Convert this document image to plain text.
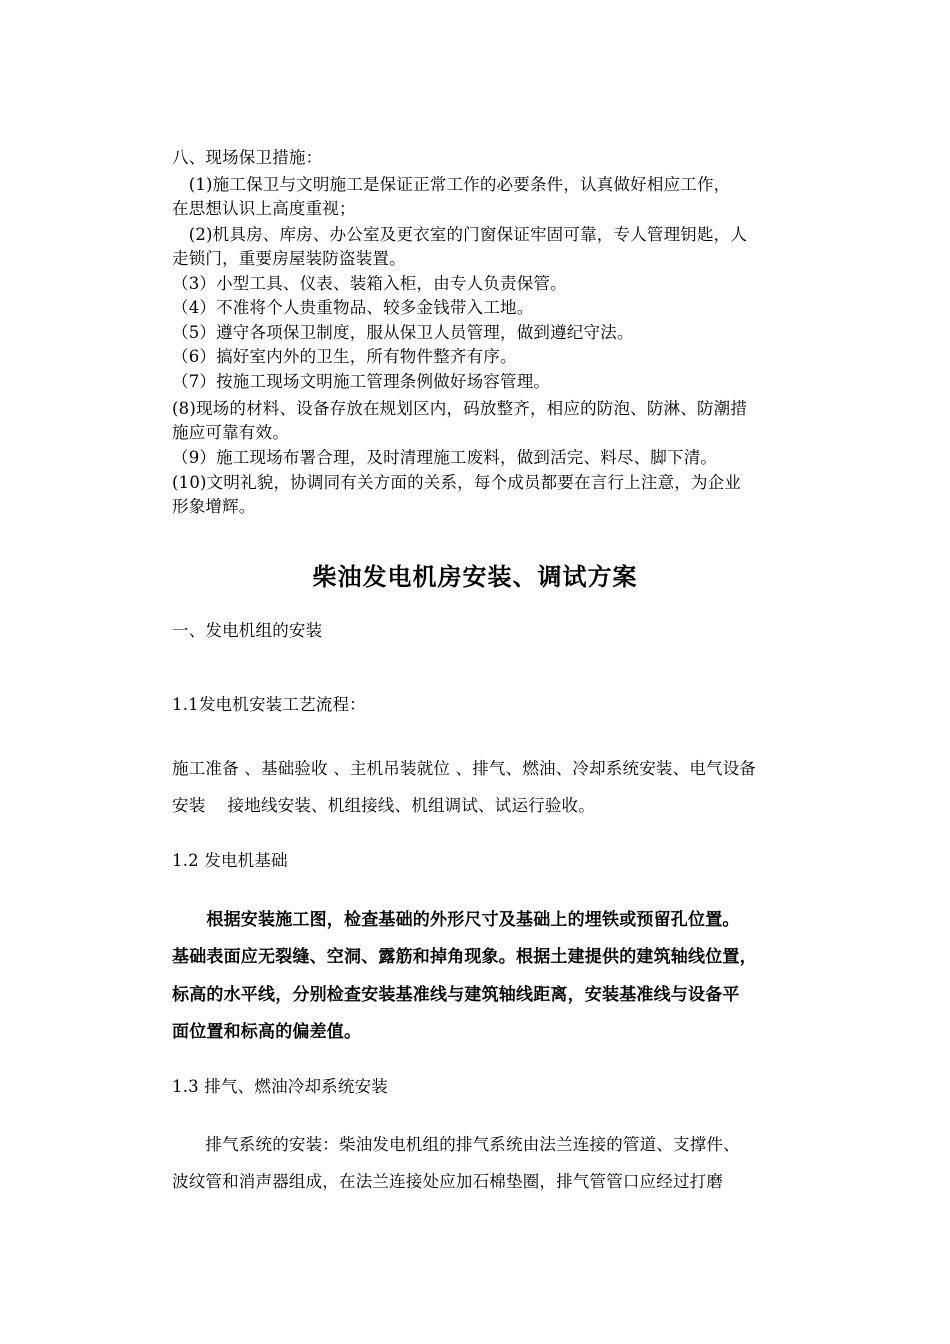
八、现场保卫措施：
　(1)施工保卫与文明施工是保证正常工作的必要条件，认真做好相应工作，
在思想认识上高度重视；
　(2)机具房、库房、办公室及更衣室的门窗保证牢固可靠，专人管理钥匙，人
走锁门，重要房屋装防盗装置。
（3）小型工具、仪表、装箱入柜，由专人负责保管。
（4）不准将个人贵重物品、较多金钱带入工地。
（5）遵守各项保卫制度，服从保卫人员管理，做到遵纪守法。
（6）搞好室内外的卫生，所有物件整齐有序。
（7）按施工现场文明施工管理条例做好场容管理。
(8)现场的材料、设备存放在规划区内，码放整齐，相应的防泡、防淋、防潮措
施应可靠有效。
（9）施工现场布署合理，及时清理施工废料，做到活完、料尽、脚下清。
(10)文明礼貌，协调同有关方面的关系，每个成员都要在言行上注意，为企业
形象增辉。
柴油发电机房安装、调试方案
一、发电机组的安装
1.1发电机安装工艺流程：
施工准备 、基础验收 、主机吊装就位 、排气、燃油、冷却系统安装、电气设备
安装　 接地线安装、机组接线、机组调试、试运行验收。
1.2 发电机基础
　　根据安装施工图，检查基础的外形尺寸及基础上的埋铁或预留孔位置。
基础表面应无裂缝、空洞、露筋和掉角现象。根据土建提供的建筑轴线位置，
标高的水平线，分别检查安装基准线与建筑轴线距离，安装基准线与设备平
面位置和标高的偏差值。
1.3 排气、燃油冷却系统安装
　　排气系统的安装：柴油发电机组的排气系统由法兰连接的管道、支撑件、
波纹管和消声器组成，在法兰连接处应加石棉垫圈，排气管管口应经过打磨
